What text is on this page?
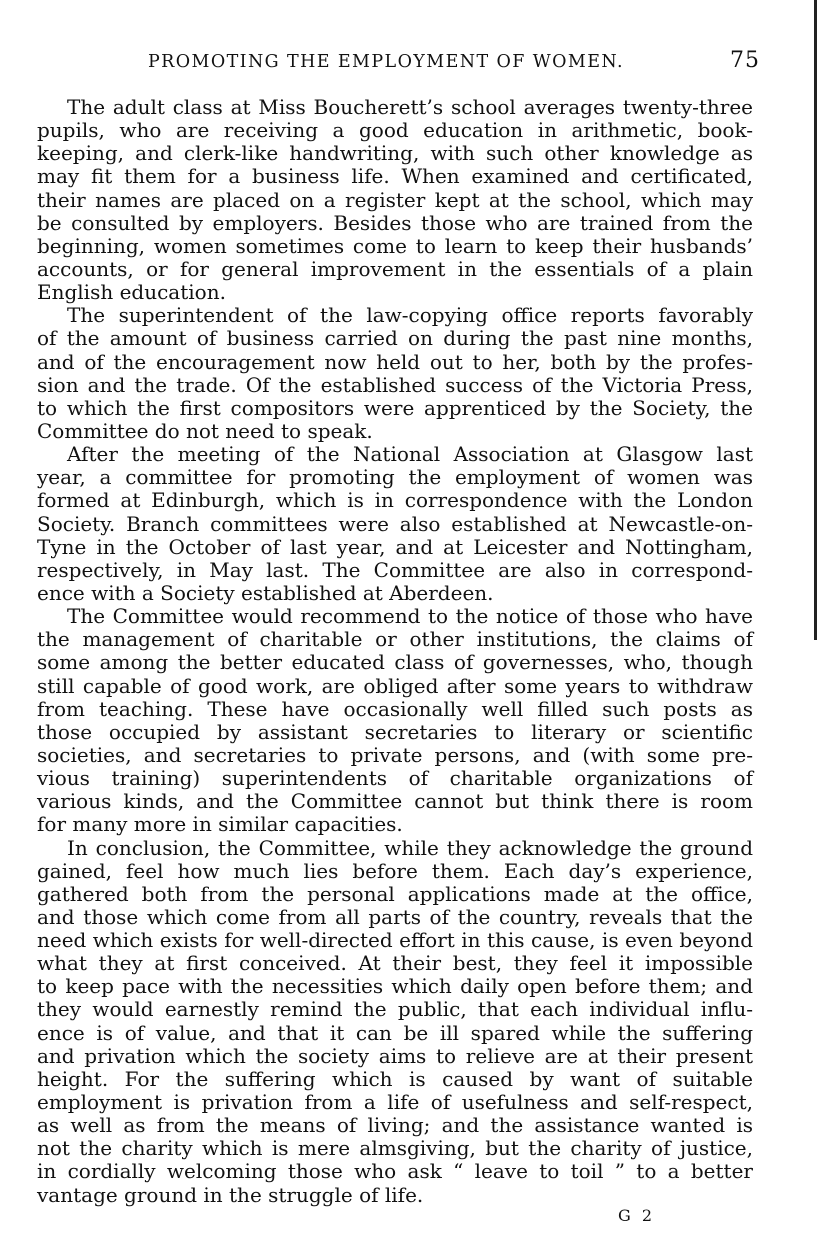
PROMOTING THE EMPLOYMENT OF WOMEN.	75
The adult class at Miss Boucherett’s school averages twenty-three
pupils, who are receiving a good education in arithmetic, book-
keeping, and clerk-like handwriting, with such other knowledge as
may fit them for a business life. When examined and certificated,
their names are placed on a register kept at the school, which may
be consulted by employers. Besides those who are trained from the
beginning, women sometimes come to learn to keep their husbands’
accounts, or for general improvement in the essentials of a plain
English education.
The superintendent of the law-copying office reports favorably
of the amount of business carried on during the past nine months,
and of the encouragement now held out to her, both by the profes-
sion and the trade. Of the established success of the Victoria Press,
to which the first compositors were apprenticed by the Society, the
Committee do not need to speak.
After the meeting of the National Association at Glasgow last
year, a committee for promoting the employment of women was
formed at Edinburgh, which is in correspondence with the London
Society. Branch committees were also established at Newcastle-on-
Tyne in the October of last year, and at Leicester and Nottingham,
respectively, in May last. The Committee are also in correspond-
ence with a Society established at Aberdeen.
The Committee would recommend to the notice of those who have
the management of charitable or other institutions, the claims of
some among the better educated class of governesses, who, though
still capable of good work, are obliged after some years to withdraw
from teaching. These have occasionally well filled such posts as
those occupied by assistant secretaries to literary or scientific
societies, and secretaries to private persons, and (with some pre-
vious training) superintendents of charitable organizations of
various kinds, and the Committee cannot but think there is room
for many more in similar capacities.
In conclusion, the Committee, while they acknowledge the ground
gained, feel how much lies before them. Each day’s experience,
gathered both from the personal applications made at the office,
and those which come from all parts of the country, reveals that the
need which exists for well-directed effort in this cause, is even beyond
what they at first conceived. At their best, they feel it impossible
to keep pace with the necessities which daily open before them; and
they would earnestly remind the public, that each individual influ-
ence is of value, and that it can be ill spared while the suffering
and privation which the society aims to relieve are at their present
height. For the suffering which is caused by want of suitable
employment is privation from a life of usefulness and self-respect,
as well as from the means of living; and the assistance wanted is
not the charity which is mere almsgiving, but the charity of justice,
in cordially welcoming those who ask “ leave to toil ” to a better
vantage ground in the struggle of life.
G 2
